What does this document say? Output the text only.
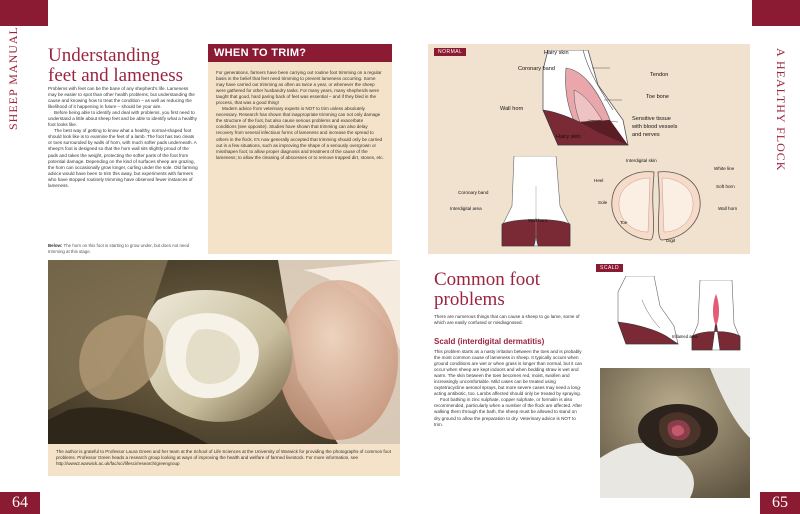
SHEEP MANUAL Understanding
feet and lameness

Problems with feet can be the bane of any shepherd's life. Lameness may be easier to spot than other health problems, but understanding the cause and knowing how to treat the condition – as well as reducing the likelihood of it happening in future – should be your aim.

Before being able to identify and deal with problems, you first need to understand a little about sheep feet and be able to identify what a healthy foot looks like.

The best way of getting to know what a healthy, normal-shaped foot should look like is to examine the feet of a lamb. The foot has two cleats or toes surrounded by walls of horn, with much softer pads underneath. A sheep's foot is designed so that the horn wall sits slightly proud of the pads and takes the weight, protecting the softer parts of the foot from potential damage. Depending on the kind of surfaces sheep are grazing, the horn can occasionally grow longer, curling under the sole. Old farming advice would have been to trim this away, but experiments with farmers who have stopped routinely trimming have observed fewer instances of lameness.

Below: The horn on this foot is starting to grow under, but does not need trimming at this stage.
WHEN TO TRIM?

For generations, farmers have been carrying out routine foot trimming on a regular basis in the belief that feet need trimming to prevent lameness occurring. Some may have carried out trimming as often as twice a year, or whenever the sheep were gathered for other husbandry tasks. For many years, many shepherds were taught that good, hard paring back of feet was essential – and if they bled in the process, that was a good thing!

Modern advice from veterinary experts is NOT to trim unless absolutely necessary. Research has shown that inappropriate trimming can not only damage the structure of the foot, but also cause serious problems and exacerbate conditions (see opposite). Studies have shown that trimming can also delay recovery from several infectious forms of lameness and increase the spread to others in the flock. It's now generally accepted that trimming should only be carried out in a few situations, such as improving the shape of a seriously overgrown or misshapen foot; to allow proper diagnosis and treatment of the cause of the lameness; to allow the cleaning of abscesses or to remove trapped dirt, stones, etc.

The author is grateful to Professor Laura Green and her team at the School of Life Sciences at the University of Warwick for providing the photographs of common foot problems. Professor Green heads a research group looking at ways of improving the health and welfare of farmed livestock. For more information, see http://www2.warwick.ac.uk/fac/sci/lifesci/research/greengroup
64
A HEALTHY FLOCK
NORMAL	Hairy skin
Coronary band
Tendon
Toe bone
Wall horn
Hairy skin
Sensitive tissue
with blood vessels
and nerves
Coronary band
Interdigital area
Wall horn
Interdigital skin
White line
Heel
Soft horn
Sole
Wall horn
Toe
Digit
Common foot
problems
There are numerous things that can cause a sheep to go lame, some of which are easily confused or misdiagnosed.
Scald (interdigital dermatitis)

This problem starts as a nasty irritation between the toes and is probably the most common cause of lameness in sheep. It typically occurs when ground conditions are wet or when grass is longer than normal, but it can occur when sheep are kept indoors and when bedding straw is wet and warm. The skin between the toes becomes red, moist, swollen and increasingly uncomfortable. Mild cases can be treated using oxytetracycline aerosol sprays, but more severe cases may need a long-acting antibiotic, too. Lambs affected should only be treated by spraying.

Foot bathing in zinc sulphate, copper sulphate, or formalin is also recommended, particularly when a number of the flock are affected. After walking them through the bath, the sheep must be allowed to stand on dry ground to allow the preparation to dry. Veterinary advice is NOT to trim.

SCALD
Inflamed area
65
